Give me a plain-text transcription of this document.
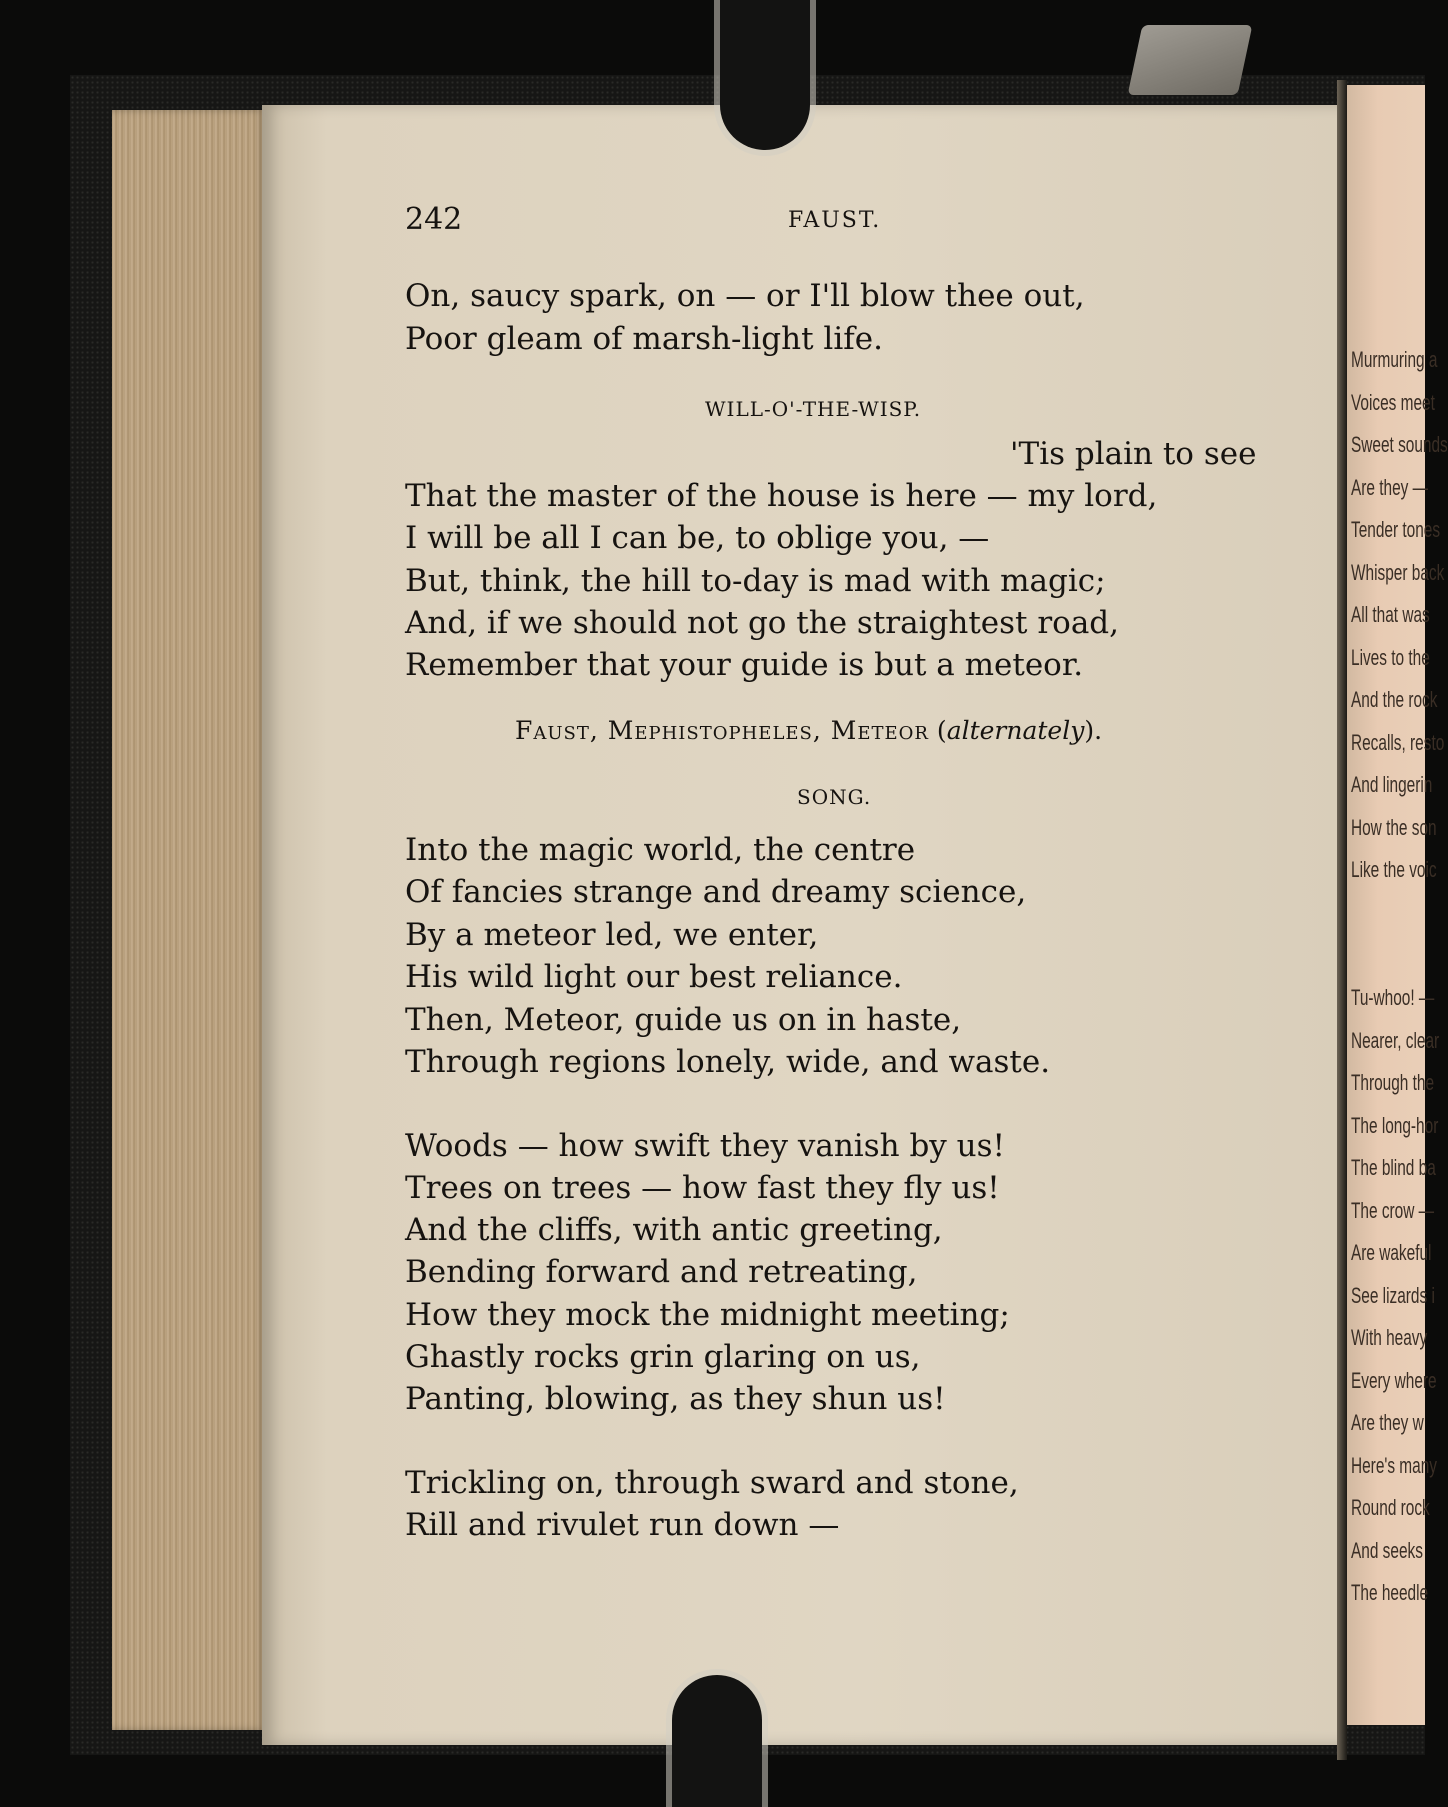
Murmuring a
Voices meet
Sweet sounds
Are they —
Tender tones
Whisper back
All that was
Lives to the
And the rock
Recalls, resto
And lingerin
How the son
Like the voic
Tu-whoo! —
Nearer, clear
Through the
The long-hor
The blind ba
The crow —
Are wakeful
See lizards i
With heavy
Every where
Are they w
Here's many
Round rock
And seeks
The heedle
242	FAUST.
On, saucy spark, on — or I'll blow thee out,
Poor gleam of marsh-light life.
WILL-O'-THE-WISP.
'Tis plain to see
That the master of the house is here — my lord,
I will be all I can be, to oblige you, —
But, think, the hill to-day is mad with magic;
And, if we should not go the straightest road,
Remember that your guide is but a meteor.
Faust, Mephistopheles, Meteor (alternately).
SONG.
Into the magic world, the centre
Of fancies strange and dreamy science,
By a meteor led, we enter,
His wild light our best reliance.
Then, Meteor, guide us on in haste,
Through regions lonely, wide, and waste.
Woods — how swift they vanish by us!
Trees on trees — how fast they fly us!
And the cliffs, with antic greeting,
Bending forward and retreating,
How they mock the midnight meeting;
Ghastly rocks grin glaring on us,
Panting, blowing, as they shun us!
Trickling on, through sward and stone,
Rill and rivulet run down —
